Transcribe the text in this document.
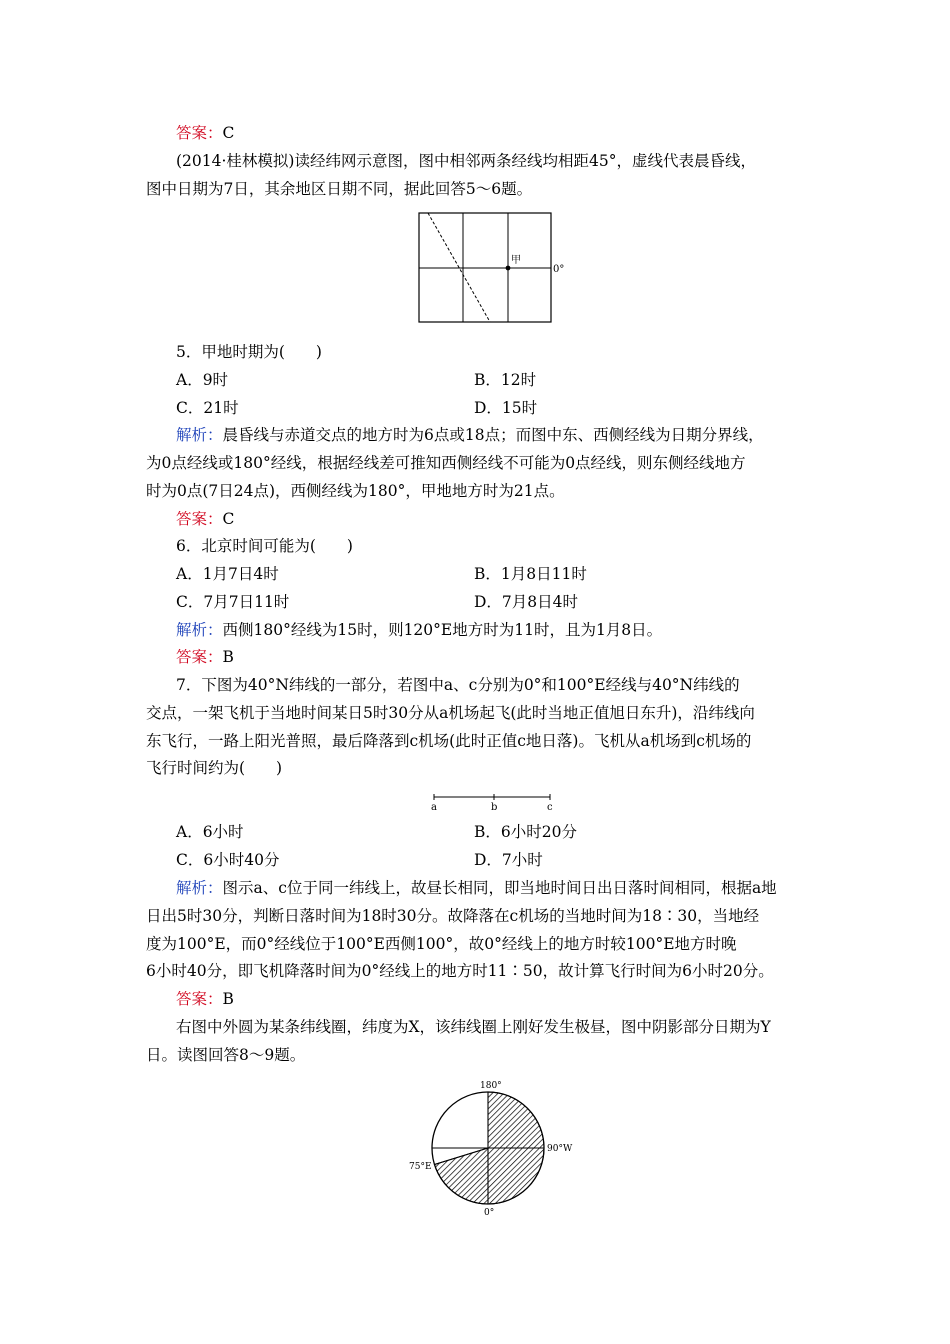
答案：C
(2014·桂林模拟)读经纬网示意图，图中相邻两条经线均相距45°，虚线代表晨昏线，
图中日期为7日，其余地区日期不同，据此回答5～6题。
甲
0°
5．甲地时期为(　　)
A．9时	B．12时
C．21时	D．15时
解析：晨昏线与赤道交点的地方时为6点或18点；而图中东、西侧经线为日期分界线，
为0点经线或180°经线，根据经线差可推知西侧经线不可能为0点经线，则东侧经线地方
时为0点(7日24点)，西侧经线为180°，甲地地方时为21点。
答案：C
6．北京时间可能为(　　)
A．1月7日4时	B．1月8日11时
C．7月7日11时	D．7月8日4时
解析：西侧180°经线为15时，则120°E地方时为11时，且为1月8日。
答案：B
7．下图为40°N纬线的一部分，若图中a、c分别为0°和100°E经线与40°N纬线的
交点，一架飞机于当地时间某日5时30分从a机场起飞(此时当地正值旭日东升)，沿纬线向
东飞行，一路上阳光普照，最后降落到c机场(此时正值c地日落)。飞机从a机场到c机场的
飞行时间约为(　　)
a	b	c
A．6小时	B．6小时20分
C．6小时40分	D．7小时
解析：图示a、c位于同一纬线上，故昼长相同，即当地时间日出日落时间相同，根据a地
日出5时30分，判断日落时间为18时30分。故降落在c机场的当地时间为18∶30，当地经
度为100°E，而0°经线位于100°E西侧100°，故0°经线上的地方时较100°E地方时晚
6小时40分，即飞机降落时间为0°经线上的地方时11∶50，故计算飞行时间为6小时20分。
答案：B
右图中外圆为某条纬线圈，纬度为X，该纬线圈上刚好发生极昼，图中阴影部分日期为Y
日。读图回答8～9题。
180°
90°W
75°E
0°
